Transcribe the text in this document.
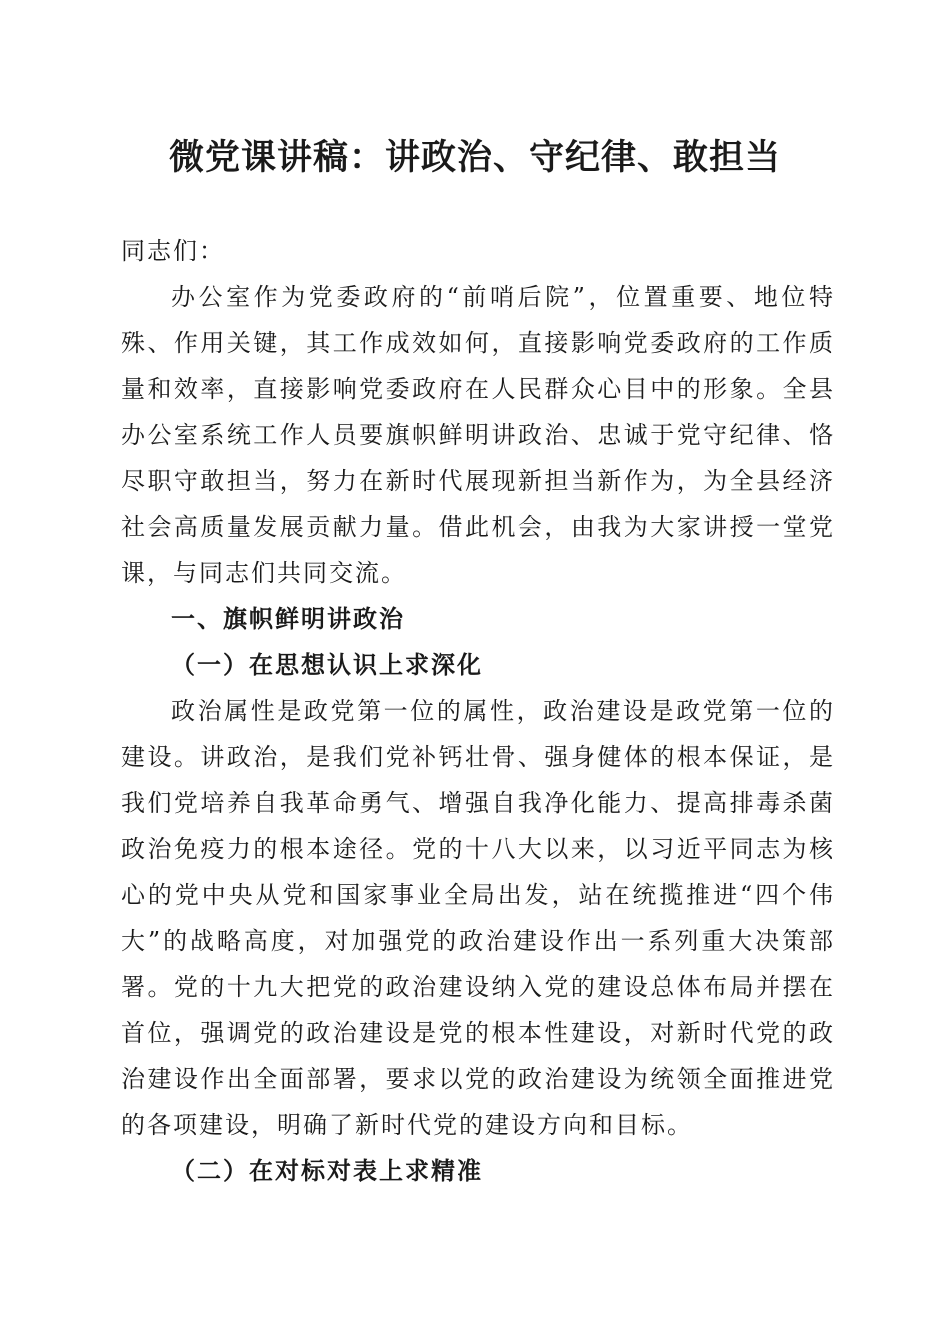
微党课讲稿：讲政治、守纪律、敢担当

同志们：

办公室作为党委政府的“前哨后院”，位置重要、地位特殊、作用关键，其工作成效如何，直接影响党委政府的工作质量和效率，直接影响党委政府在人民群众心目中的形象。全县办公室系统工作人员要旗帜鲜明讲政治、忠诚于党守纪律、恪尽职守敢担当，努力在新时代展现新担当新作为，为全县经济社会高质量发展贡献力量。借此机会，由我为大家讲授一堂党课，与同志们共同交流。

一、旗帜鲜明讲政治

（一）在思想认识上求深化

政治属性是政党第一位的属性，政治建设是政党第一位的建设。讲政治，是我们党补钙壮骨、强身健体的根本保证，是我们党培养自我革命勇气、增强自我净化能力、提高排毒杀菌政治免疫力的根本途径。党的十八大以来，以习近平同志为核心的党中央从党和国家事业全局出发，站在统揽推进“四个伟大”的战略高度，对加强党的政治建设作出一系列重大决策部署。党的十九大把党的政治建设纳入党的建设总体布局并摆在首位，强调党的政治建设是党的根本性建设，对新时代党的政治建设作出全面部署，要求以党的政治建设为统领全面推进党的各项建设，明确了新时代党的建设方向和目标。

（二）在对标对表上求精准
